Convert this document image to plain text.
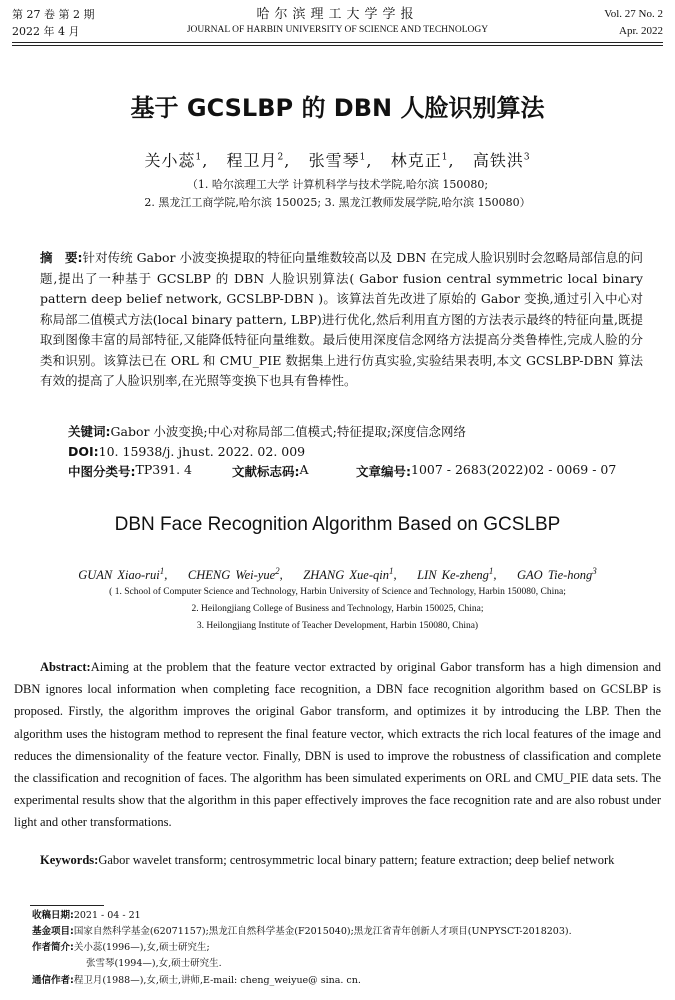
第 27 卷 第 2 期
2022 年 4 月
哈尔滨理工大学学报
JOURNAL OF HARBIN UNIVERSITY OF SCIENCE AND TECHNOLOGY
Vol. 27 No. 2
Apr. 2022
基于 GCSLBP 的 DBN 人脸识别算法
关小蕊$^1$,   程卫月$^2$,   张雪琴$^1$,   林克正$^1$,   高铁洪$^3$
（1. 哈尔滨理工大学 计算机科学与技术学院,哈尔滨 150080;
2. 黑龙江工商学院,哈尔滨 150025; 3. 黑龙江教师发展学院,哈尔滨 150080）
摘　要:针对传统 Gabor 小波变换提取的特征向量维数较高以及 DBN 在完成人脸识别时会忽略局部信息的问题,提出了一种基于 GCSLBP 的 DBN 人脸识别算法( Gabor fusion central symmetric local binary pattern deep belief network, GCSLBP-DBN )。该算法首先改进了原始的 Gabor 变换,通过引入中心对称局部二值模式方法(local binary pattern, LBP)进行优化,然后利用直方图的方法表示最终的特征向量,既提取到图像丰富的局部特征,又能降低特征向量维数。最后使用深度信念网络方法提高分类鲁棒性,完成人脸的分类和识别。该算法已在 ORL 和 CMU_PIE 数据集上进行仿真实验,实验结果表明,本文 GCSLBP-DBN 算法有效的提高了人脸识别率,在光照等变换下也具有鲁棒性。
关键词:Gabor 小波变换;中心对称局部二值模式;特征提取;深度信念网络
DOI:10. 15938/j. jhust. 2022. 02. 009
中图分类号: TP391. 4	文献标志码: A	文章编号: 1007 - 2683(2022)02 - 0069 - 07
DBN Face Recognition Algorithm Based on GCSLBP
GUAN Xiao-rui$^1$,    CHENG Wei-yue$^2$,    ZHANG Xue-qin$^1$,    LIN Ke-zheng$^1$,    GAO Tie-hong$^3$
( 1. School of Computer Science and Technology, Harbin University of Science and Technology, Harbin 150080, China;
2. Heilongjiang College of Business and Technology, Harbin 150025, China;
3. Heilongjiang Institute of Teacher Development, Harbin 150080, China)
Abstract:Aiming at the problem that the feature vector extracted by original Gabor transform has a high dimension and DBN ignores local information when completing face recognition, a DBN face recognition algorithm based on GCSLBP is proposed. Firstly, the algorithm improves the original Gabor transform, and optimizes it by introducing the LBP. Then the algorithm uses the histogram method to represent the final feature vector, which extracts the rich local features of the image and reduces the dimensionality of the feature vector. Finally, DBN is used to improve the robustness of classification and complete the classification and recognition of faces. The algorithm has been simulated experiments on ORL and CMU_PIE data sets. The experimental results show that the algorithm in this paper effectively improves the face recognition rate and are also robust under light and other transformations.
Keywords:Gabor wavelet transform; centrosymmetric local binary pattern; feature extraction; deep belief network
收稿日期:2021 - 04 - 21
基金项目:国家自然科学基金(62071157);黑龙江自然科学基金(F2015040);黑龙江省青年创新人才项目(UNPYSCT-2018203).
作者简介:关小蕊(1996—),女,硕士研究生;
张雪琴(1994—),女,硕士研究生.
通信作者:程卫月(1988—),女,硕士,讲师,E-mail: cheng_weiyue@ sina. cn.
